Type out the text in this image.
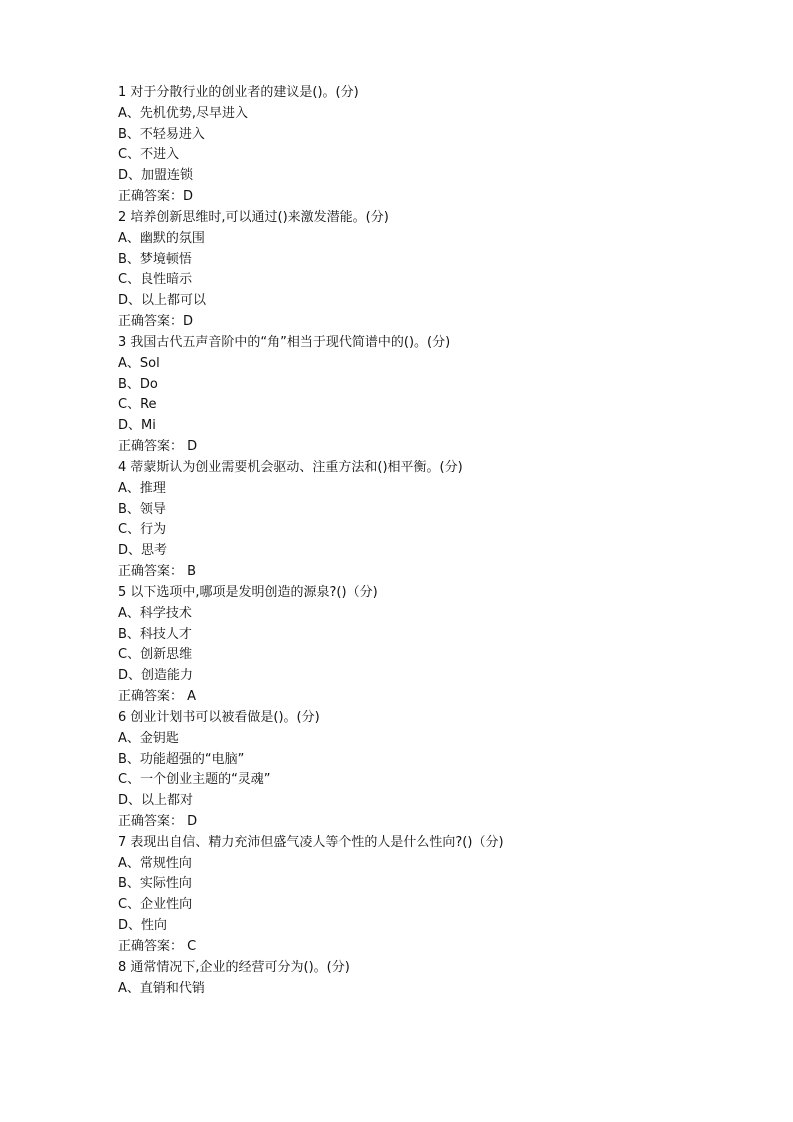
1 对于分散行业的创业者的建议是()。(分)
A、先机优势,尽早进入
B、不轻易进入
C、不进入
D、加盟连锁
正确答案：D
2 培养创新思维时,可以通过()来激发潜能。(分)
A、幽默的氛围
B、梦境顿悟
C、良性暗示
D、以上都可以
正确答案：D
3 我国古代五声音阶中的“角”相当于现代简谱中的()。(分)
A、Sol
B、Do
C、Re
D、Mi
正确答案： D
4 蒂蒙斯认为创业需要机会驱动、注重方法和()相平衡。(分)
A、推理
B、领导
C、行为
D、思考
正确答案： B
5 以下选项中,哪项是发明创造的源泉?()（分)
A、科学技术
B、科技人才
C、创新思维
D、创造能力
正确答案： A
6 创业计划书可以被看做是()。(分)
A、金钥匙
B、功能超强的“电脑”
C、一个创业主题的“灵魂”
D、以上都对
正确答案： D
7 表现出自信、精力充沛但盛气凌人等个性的人是什么性向?()（分)
A、常规性向
B、实际性向
C、企业性向
D、性向
正确答案： C
8 通常情况下,企业的经营可分为()。(分)
A、直销和代销
